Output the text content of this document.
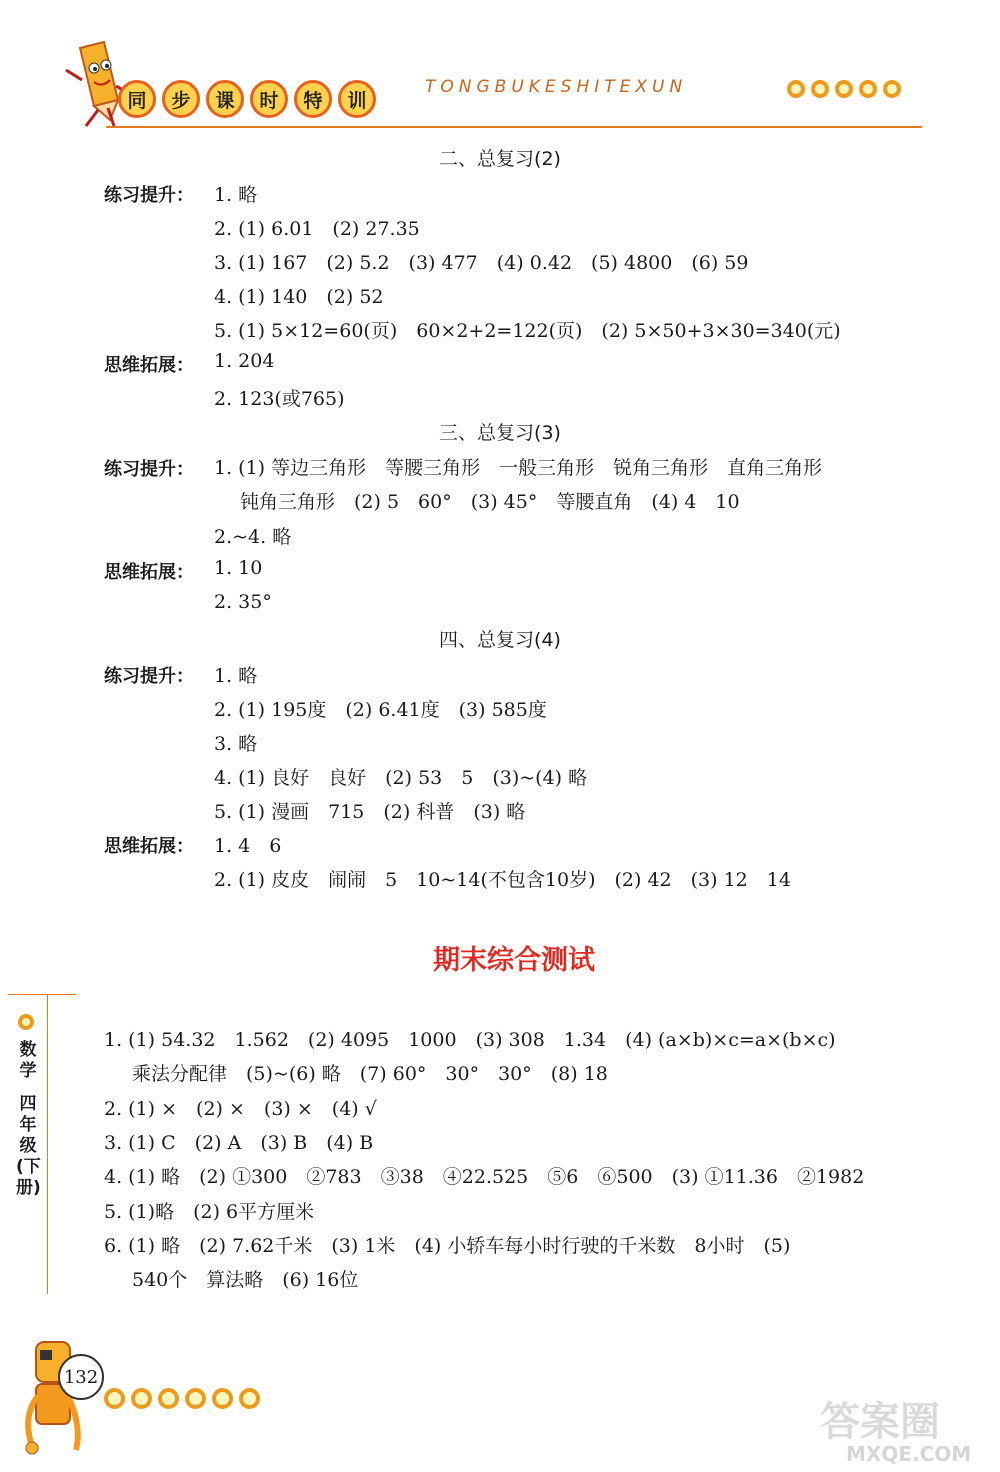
同	步	课	时	特	训
TONGBUKESHITEXUN
二、总复习(2)
练习提升： 1. 略
2. (1) 6.01　(2) 27.35
3. (1) 167　(2) 5.2　(3) 477　(4) 0.42　(5) 4800　(6) 59
4. (1) 140　(2) 52
5. (1) 5×12=60(页)　60×2+2=122(页)　(2) 5×50+3×30=340(元)
思维拓展： 1. 204
2. 123(或765)
三、总复习(3)
练习提升： 1. (1) 等边三角形　等腰三角形　一般三角形　锐角三角形　直角三角形
钝角三角形　(2) 5　60°　(3) 45°　等腰直角　(4) 4　10
2.~4. 略
思维拓展： 1. 10
2. 35°
四、总复习(4)
练习提升： 1. 略
2. (1) 195度　(2) 6.41度　(3) 585度
3. 略
4. (1) 良好　良好　(2) 53　5　(3)~(4) 略
5. (1) 漫画　715　(2) 科普　(3) 略
思维拓展： 1. 4　6
2. (1) 皮皮　闹闹　5　10~14(不包含10岁)　(2) 42　(3) 12　14
期末综合测试
1. (1) 54.32　1.562　(2) 4095　1000　(3) 308　1.34　(4) (a×b)×c=a×(b×c)
乘法分配律　(5)~(6) 略　(7) 60°　30°　30°　(8) 18
2. (1) ×　(2) ×　(3) ×　(4) √
3. (1) C　(2) A　(3) B　(4) B
4. (1) 略　(2) ①300　②783　③38　④22.525　⑤6　⑥500　(3) ①11.36　②1982
5. (1)略　(2) 6平方厘米
6. (1) 略　(2) 7.62千米　(3) 1米　(4) 小轿车每小时行驶的千米数　8小时　(5)
540个　算法略　(6) 16位
数学
四年级(下册)
132
答案圈
MXQE.COM
